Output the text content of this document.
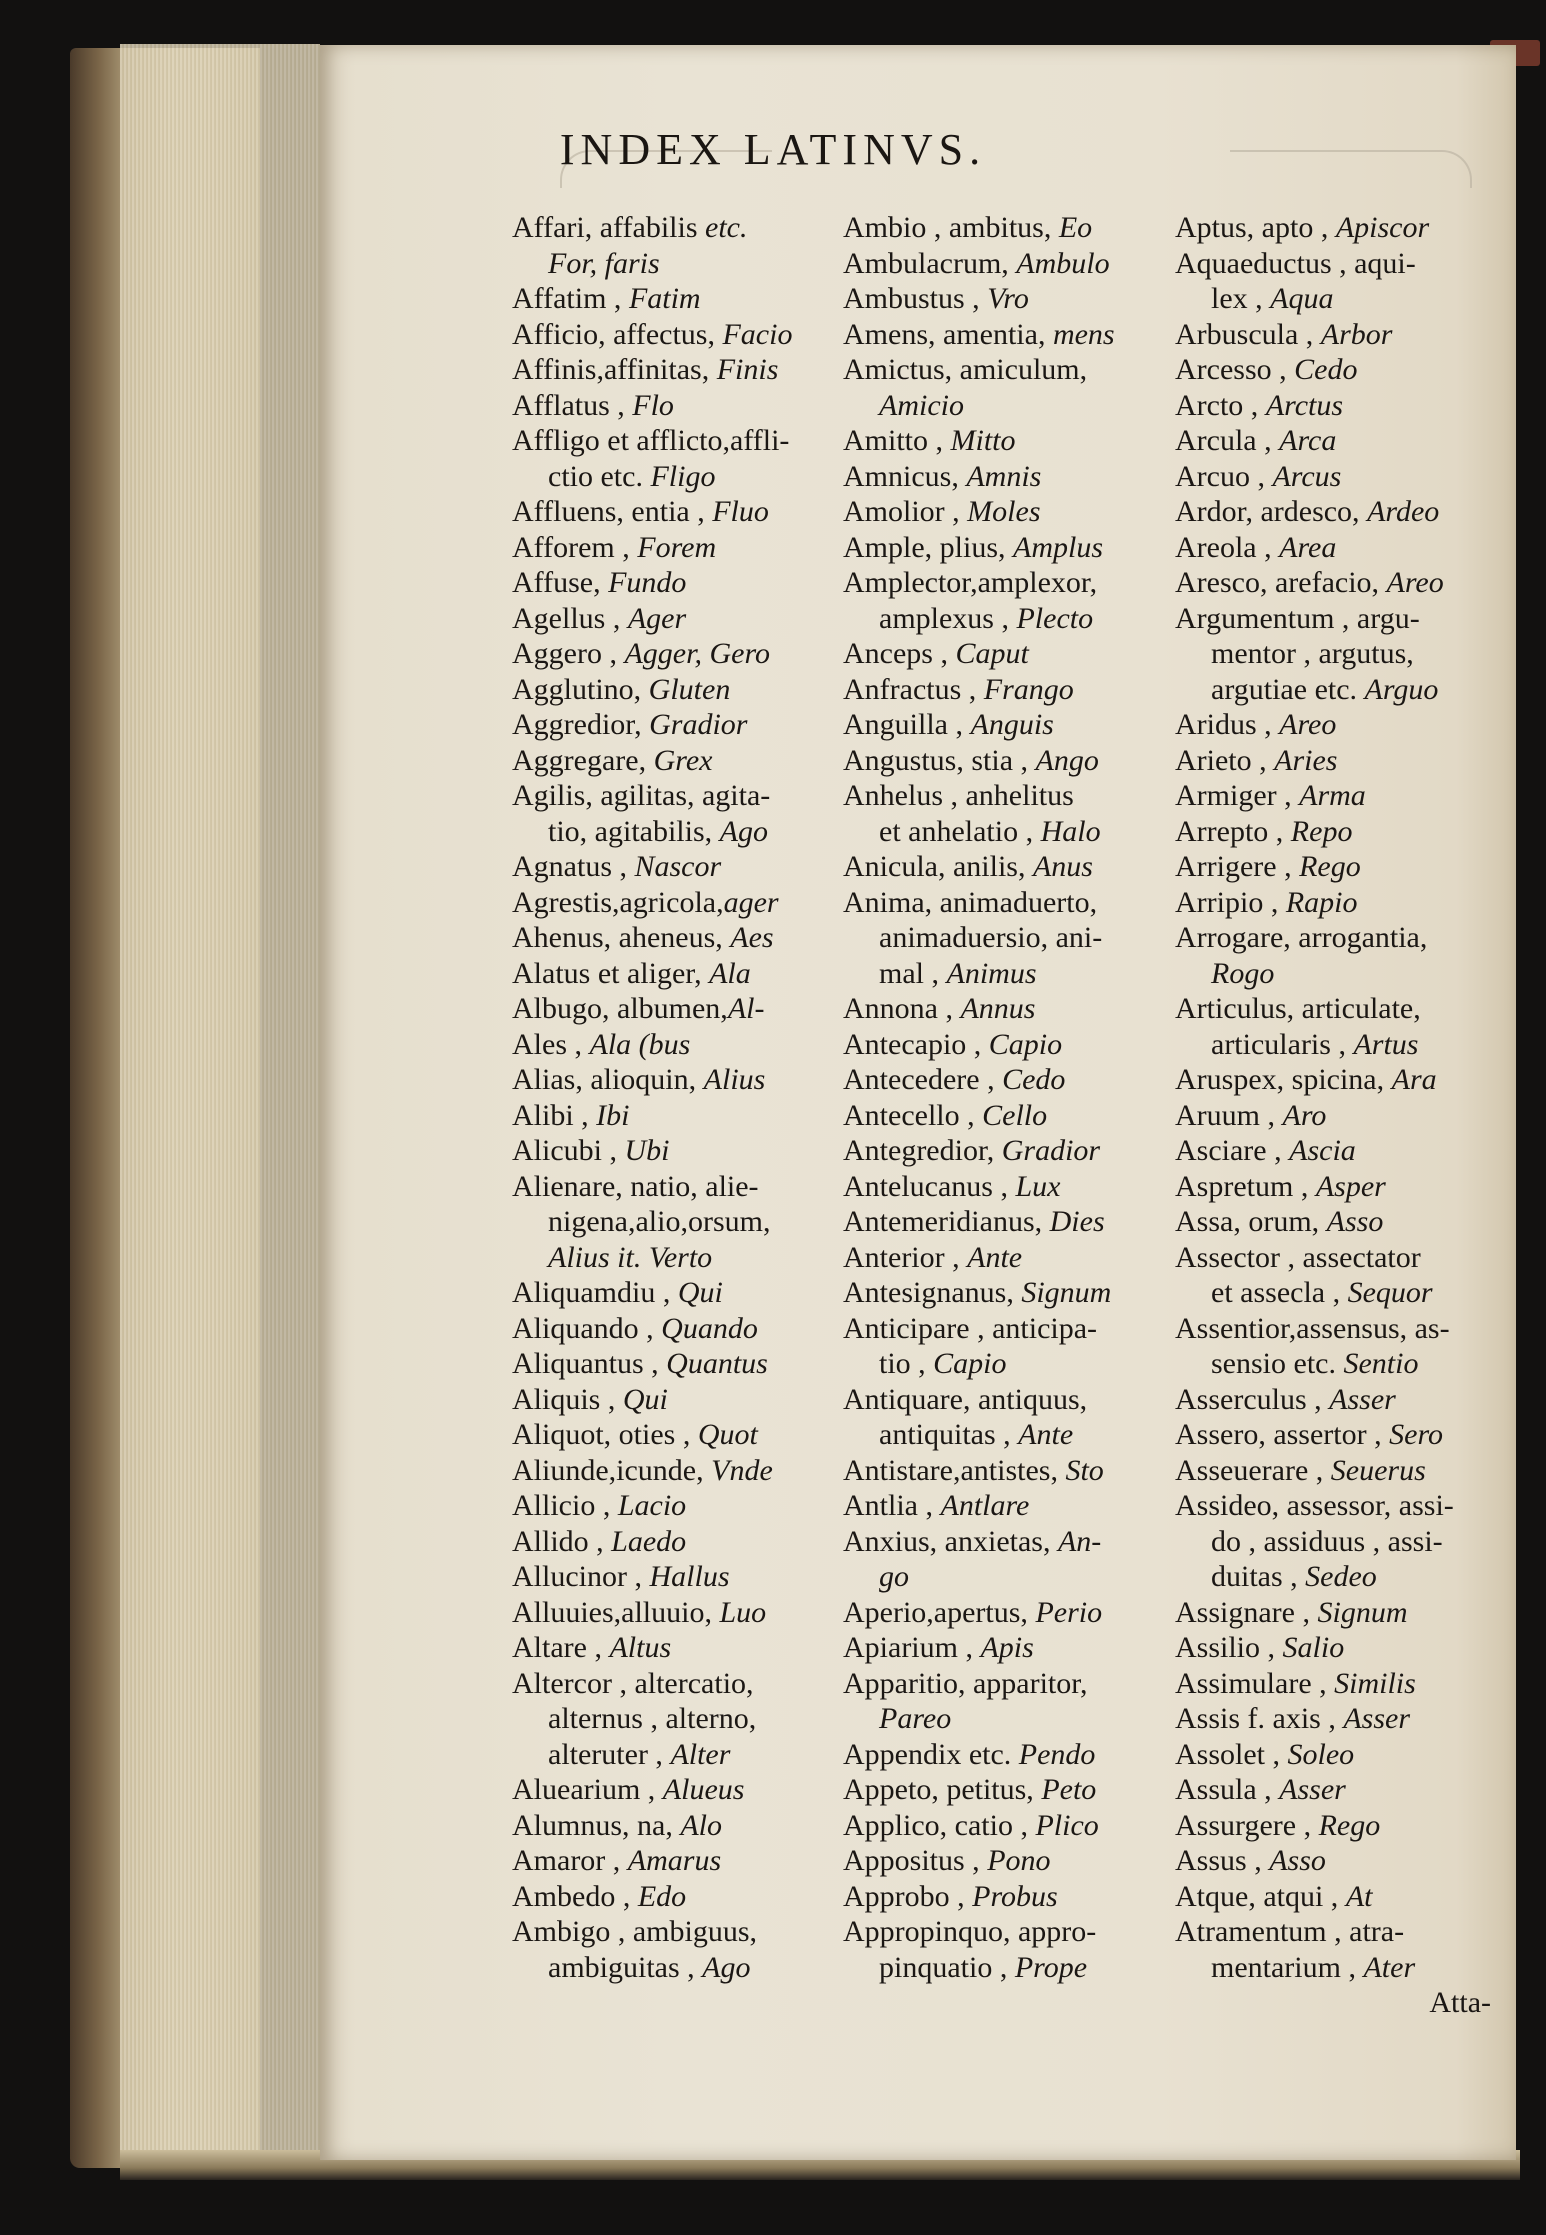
INDEX LATINVS.
Affari, affabilis etc.
For, faris
Affatim , Fatim
Afficio, affectus, Facio
Affinis,affinitas, Finis
Afflatus , Flo
Affligo et afflicto,affli-
ctio etc. Fligo
Affluens, entia , Fluo
Afforem , Forem
Affuse, Fundo
Agellus , Ager
Aggero , Agger, Gero
Agglutino, Gluten
Aggredior, Gradior
Aggregare, Grex
Agilis, agilitas, agita-
tio, agitabilis, Ago
Agnatus , Nascor
Agrestis,agricola,ager
Ahenus, aheneus, Aes
Alatus et aliger, Ala
Albugo, albumen,Al-
Ales , Ala (bus
Alias, alioquin, Alius
Alibi , Ibi
Alicubi , Ubi
Alienare, natio, alie-
nigena,alio,orsum,
Alius it. Verto
Aliquamdiu , Qui
Aliquando , Quando
Aliquantus , Quantus
Aliquis , Qui
Aliquot, oties , Quot
Aliunde,icunde, Vnde
Allicio , Lacio
Allido , Laedo
Allucinor , Hallus
Alluuies,alluuio, Luo
Altare , Altus
Altercor , altercatio,
alternus , alterno,
alteruter , Alter
Aluearium , Alueus
Alumnus, na, Alo
Amaror , Amarus
Ambedo , Edo
Ambigo , ambiguus,
ambiguitas , Ago
Ambio , ambitus, Eo
Ambulacrum, Ambulo
Ambustus , Vro
Amens, amentia, mens
Amictus, amiculum,
Amicio
Amitto , Mitto
Amnicus, Amnis
Amolior , Moles
Ample, plius, Amplus
Amplector,amplexor,
amplexus , Plecto
Anceps , Caput
Anfractus , Frango
Anguilla , Anguis
Angustus, stia , Ango
Anhelus , anhelitus
et anhelatio , Halo
Anicula, anilis, Anus
Anima, animaduerto,
animaduersio, ani-
mal , Animus
Annona , Annus
Antecapio , Capio
Antecedere , Cedo
Antecello , Cello
Antegredior, Gradior
Antelucanus , Lux
Antemeridianus, Dies
Anterior , Ante
Antesignanus, Signum
Anticipare , anticipa-
tio , Capio
Antiquare, antiquus,
antiquitas , Ante
Antistare,antistes, Sto
Antlia , Antlare
Anxius, anxietas, An-
go
Aperio,apertus, Perio
Apiarium , Apis
Apparitio, apparitor,
Pareo
Appendix etc. Pendo
Appeto, petitus, Peto
Applico, catio , Plico
Appositus , Pono
Approbo , Probus
Appropinquo, appro-
pinquatio , Prope
Aptus, apto , Apiscor
Aquaeductus , aqui-
lex , Aqua
Arbuscula , Arbor
Arcesso , Cedo
Arcto , Arctus
Arcula , Arca
Arcuo , Arcus
Ardor, ardesco, Ardeo
Areola , Area
Aresco, arefacio, Areo
Argumentum , argu-
mentor , argutus,
argutiae etc. Arguo
Aridus , Areo
Arieto , Aries
Armiger , Arma
Arrepto , Repo
Arrigere , Rego
Arripio , Rapio
Arrogare, arrogantia,
Rogo
Articulus, articulate,
articularis , Artus
Aruspex, spicina, Ara
Aruum , Aro
Asciare , Ascia
Aspretum , Asper
Assa, orum, Asso
Assector , assectator
et assecla , Sequor
Assentior,assensus, as-
sensio etc. Sentio
Asserculus , Asser
Assero, assertor , Sero
Asseuerare , Seuerus
Assideo, assessor, assi-
do , assiduus , assi-
duitas , Sedeo
Assignare , Signum
Assilio , Salio
Assimulare , Similis
Assis f. axis , Asser
Assolet , Soleo
Assula , Asser
Assurgere , Rego
Assus , Asso
Atque, atqui , At
Atramentum , atra-
mentarium , Ater
Atta-
